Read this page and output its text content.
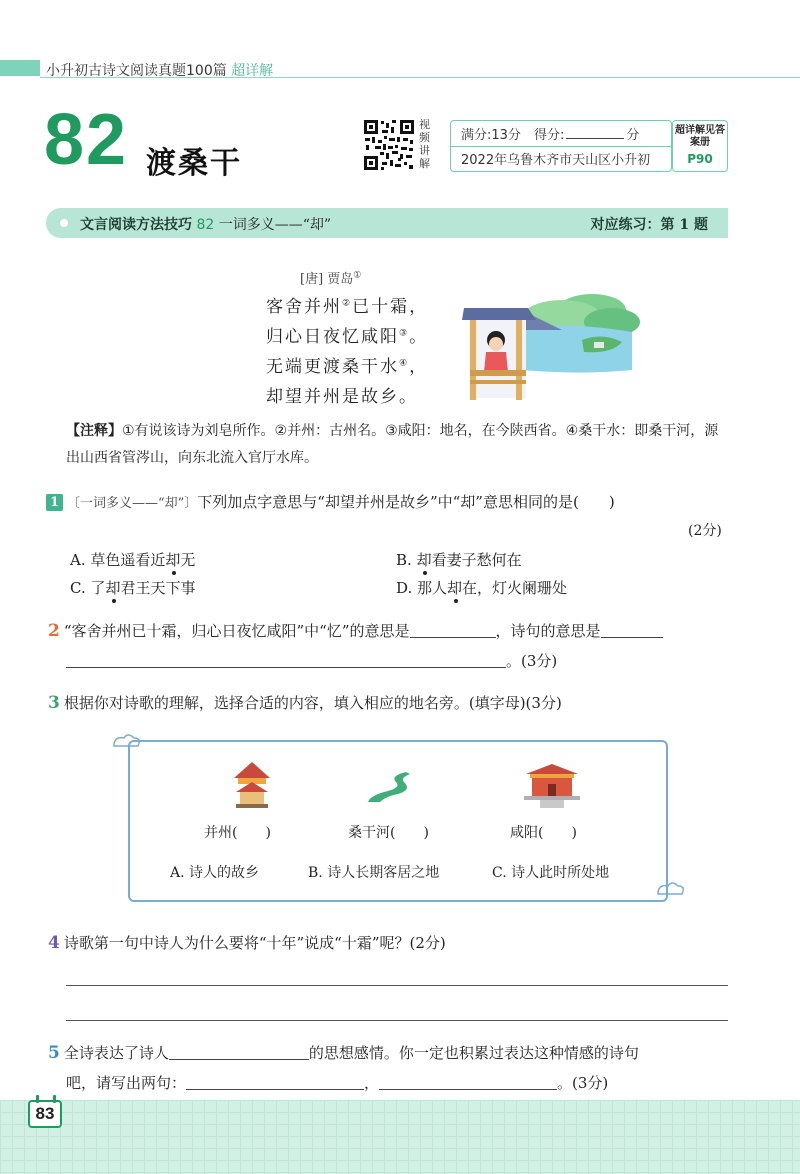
小升初古诗文阅读真题100篇 超详解
82 渡桑干
视频讲解
满分:13分　 得分:	分
2022年乌鲁木齐市天山区小升初
超详解见答案册
P90
文言阅读方法技巧 82 一词多义——“却”	对应练习：第 1 题
[唐] 贾岛①
客舍并州②已十霜，
归心日夜忆咸阳③。
无端更渡桑干水④，
却望并州是故乡。
【注释】①有说该诗为刘皂所作。②并州：古州名。③咸阳：地名，在今陕西省。④桑干水：即桑干河，源出山西省管涔山，向东北流入官厅水库。
1 〔一词多义——“却”〕下列加点字意思与“却望并州是故乡”中“却”意思相同的是(　　)
(2分)
A. 草色遥看近却无	B. 却看妻子愁何在
C. 了却君王天下事	D. 那人却在，灯火阑珊处
2 “客舍并州已十霜，归心日夜忆咸阳”中“忆”的意思是	，诗句的意思是
。(3分)
3 根据你对诗歌的理解，选择合适的内容，填入相应的地名旁。(填字母)(3分)
并州(　　)	桑干河(　　)	咸阳(　　)
A. 诗人的故乡	B. 诗人长期客居之地	C. 诗人此时所处地
4 诗歌第一句中诗人为什么要将“十年”说成“十霜”呢？(2分)
5 全诗表达了诗人	的思想感情。你一定也积累过表达这种情感的诗句
吧，请写出两句：	，	。(3分)
83
